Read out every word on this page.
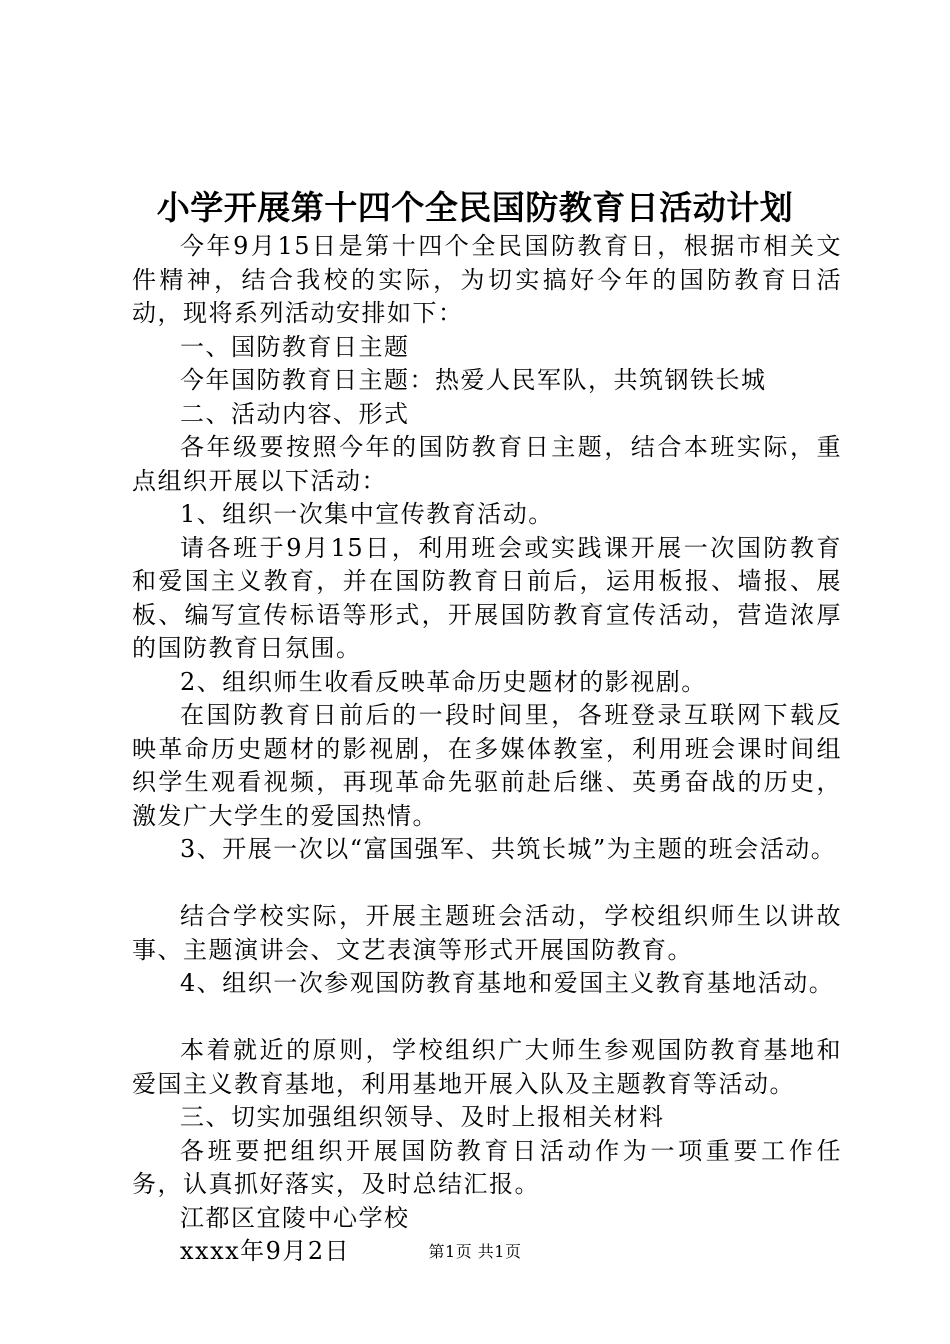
小学开展第十四个全民国防教育日活动计划

今年9月15日是第十四个全民国防教育日，根据市相关文件精神，结合我校的实际，为切实搞好今年的国防教育日活动，现将系列活动安排如下：

一、国防教育日主题

今年国防教育日主题：热爱人民军队，共筑钢铁长城

二、活动内容、形式

各年级要按照今年的国防教育日主题，结合本班实际，重点组织开展以下活动：

1、组织一次集中宣传教育活动。

请各班于9月15日，利用班会或实践课开展一次国防教育和爱国主义教育，并在国防教育日前后，运用板报、墙报、展板、编写宣传标语等形式，开展国防教育宣传活动，营造浓厚的国防教育日氛围。

2、组织师生收看反映革命历史题材的影视剧。

在国防教育日前后的一段时间里，各班登录互联网下载反映革命历史题材的影视剧，在多媒体教室，利用班会课时间组织学生观看视频，再现革命先驱前赴后继、英勇奋战的历史，激发广大学生的爱国热情。

3、开展一次以“富国强军、共筑长城”为主题的班会活动。

结合学校实际，开展主题班会活动，学校组织师生以讲故事、主题演讲会、文艺表演等形式开展国防教育。

4、组织一次参观国防教育基地和爱国主义教育基地活动。

本着就近的原则，学校组织广大师生参观国防教育基地和爱国主义教育基地，利用基地开展入队及主题教育等活动。

三、切实加强组织领导、及时上报相关材料

各班要把组织开展国防教育日活动作为一项重要工作任务，认真抓好落实，及时总结汇报。

江都区宜陵中心学校

xxxx年9月2日	第1页 共1页
